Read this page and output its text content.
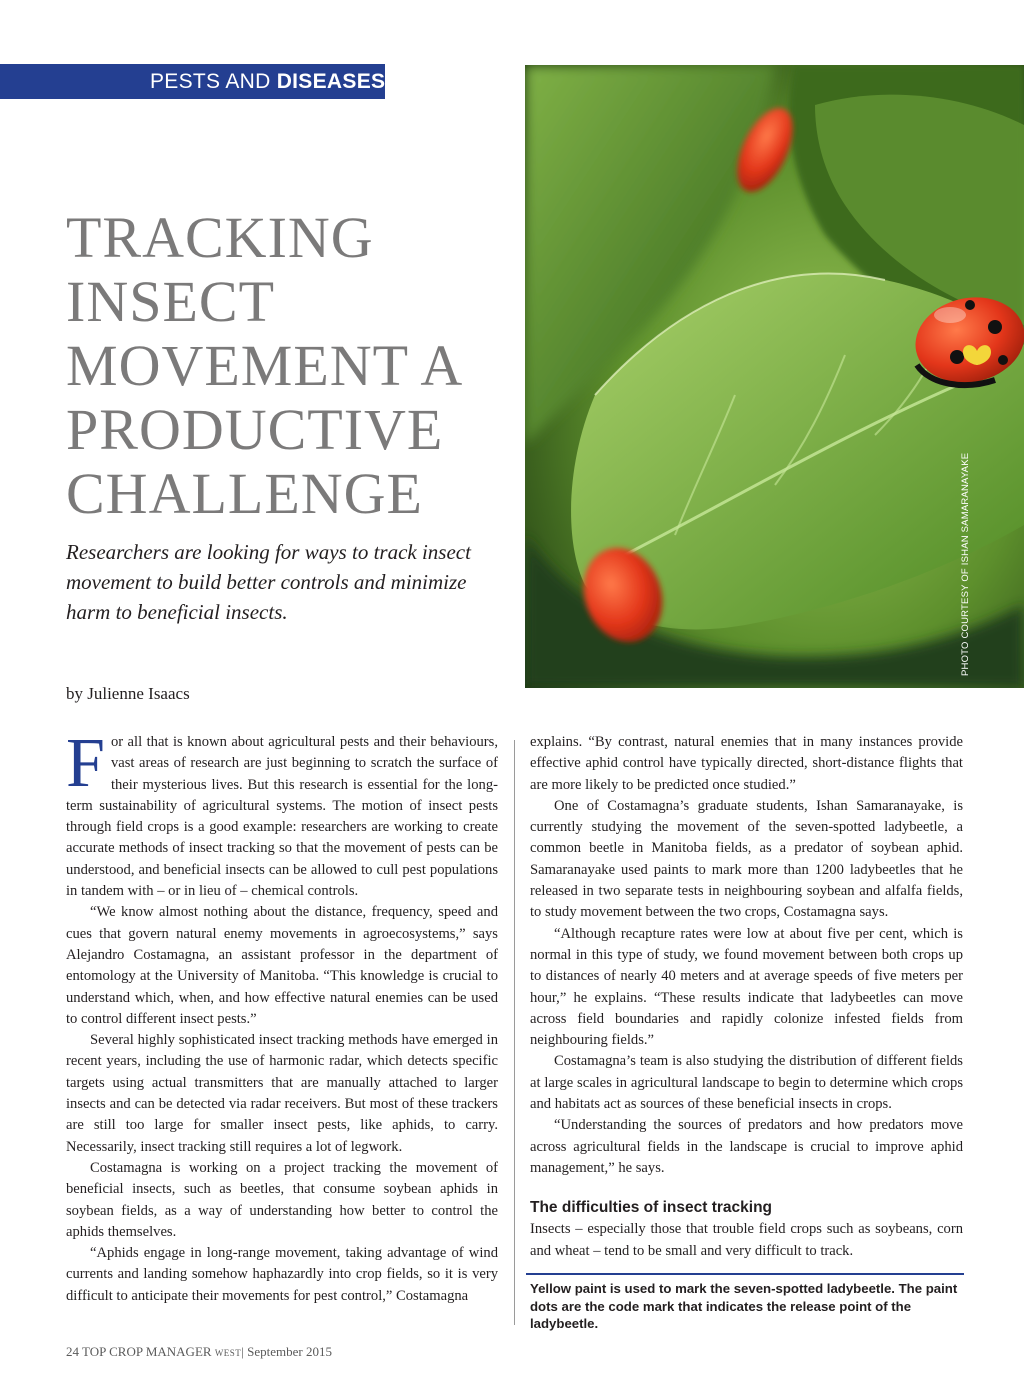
PESTS AND DISEASES
PHOTO COURTESY OF ISHAN SAMARANAYAKE
TRACKING
INSECT
MOVEMENT A
PRODUCTIVE
CHALLENGE
Researchers are looking for ways to track insect movement to build better controls and minimize harm to beneficial insects.
by Julienne Isaacs

For all that is known about agricultural pests and their behaviours, vast areas of research are just beginning to scratch the surface of their mysterious lives. But this research is essential for the long-term sustainability of agricultural systems. The motion of insect pests through field crops is a good example: researchers are working to create accurate methods of insect tracking so that the movement of pests can be understood, and beneficial insects can be allowed to cull pest populations in tandem with – or in lieu of – chemical controls.

“We know almost nothing about the distance, frequency, speed and cues that govern natural enemy movements in agroecosystems,” says Alejandro Costamagna, an assistant professor in the department of entomology at the University of Manitoba. “This knowledge is crucial to understand which, when, and how effective natural enemies can be used to control different insect pests.”

Several highly sophisticated insect tracking methods have emerged in recent years, including the use of harmonic radar, which detects specific targets using actual transmitters that are manually attached to larger insects and can be detected via radar receivers. But most of these trackers are still too large for smaller insect pests, like aphids, to carry. Necessarily, insect tracking still requires a lot of legwork.

Costamagna is working on a project tracking the movement of beneficial insects, such as beetles, that consume soybean aphids in soybean fields, as a way of understanding how better to control the aphids themselves.

“Aphids engage in long-range movement, taking advantage of wind currents and landing somehow haphazardly into crop fields, so it is very difficult to anticipate their movements for pest control,” Costamagna

explains. “By contrast, natural enemies that in many instances provide effective aphid control have typically directed, short-distance flights that are more likely to be predicted once studied.”

One of Costamagna’s graduate students, Ishan Samaranayake, is currently studying the movement of the seven-spotted ladybeetle, a common beetle in Manitoba fields, as a predator of soybean aphid. Samaranayake used paints to mark more than 1200 ladybeetles that he released in two separate tests in neighbouring soybean and alfalfa fields, to study movement between the two crops, Costamagna says.

“Although recapture rates were low at about five per cent, which is normal in this type of study, we found movement between both crops up to distances of nearly 40 meters and at average speeds of five meters per hour,” he explains. “These results indicate that ladybeetles can move across field boundaries and rapidly colonize infested fields from neighbouring fields.”

Costamagna’s team is also studying the distribution of different fields at large scales in agricultural landscape to begin to determine which crops and habitats act as sources of these beneficial insects in crops.

“Understanding the sources of predators and how predators move across agricultural fields in the landscape is crucial to improve aphid management,” he says.

The difficulties of insect tracking

Insects – especially those that trouble field crops such as soybeans, corn and wheat – tend to be small and very difficult to track.

Yellow paint is used to mark the seven-spotted ladybeetle. The paint dots are the code mark that indicates the release point of the ladybeetle.
24 TOP CROP MANAGER WEST| September 2015
